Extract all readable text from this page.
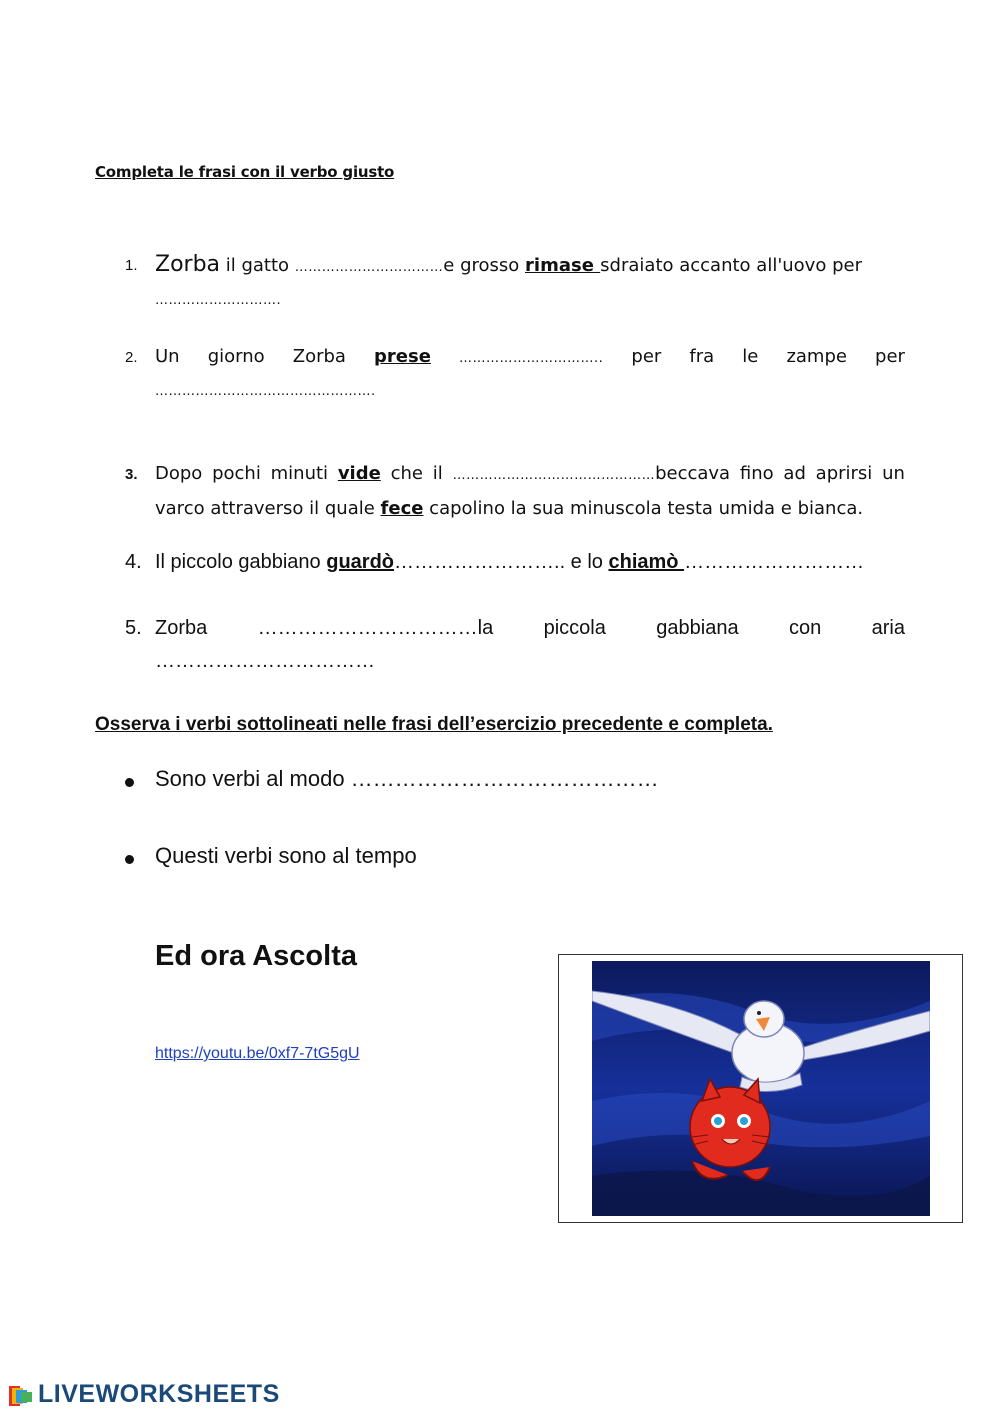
Completa le frasi con il verbo giusto
1. Zorba il gatto ……………………………e grosso rimase sdraiato accanto all'uovo per
……………………….
2. Un giorno Zorba prese ………………………….. per fra le zampe per
………………………………………….
3. Dopo pochi minuti vide che il ………………………………………beccava fino ad aprirsi un
varco attraverso il quale fece capolino la sua minuscola testa umida e bianca.
4. Il piccolo gabbiano guardò…………………….. e lo chiamò ………………………
5. Zorba ……………………………la piccola gabbiana con aria ……………………………
Osserva i verbi sottolineati nelle frasi dell’esercizio precedente e completa.
Sono verbi al modo ……………………………………
Questi verbi sono al tempo
Ed ora Ascolta
https://youtu.be/0xf7-7tG5gU
LIVEWORKSHEETS
